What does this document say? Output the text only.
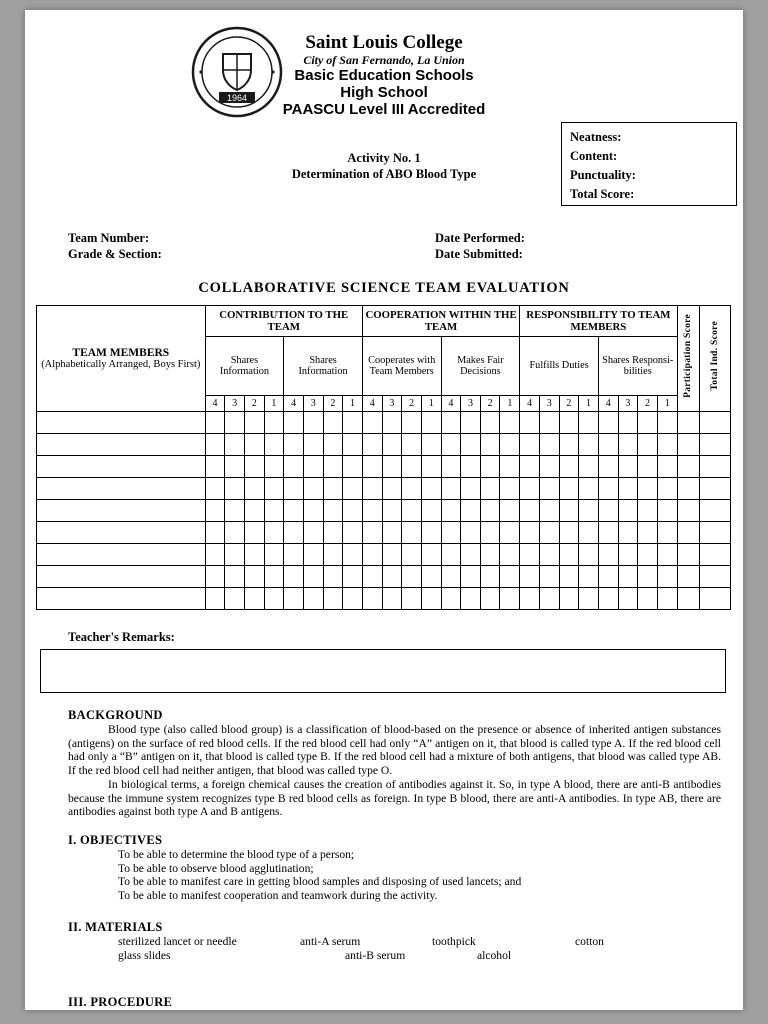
1964
Saint Louis College
City of San Fernando, La Union
Basic Education Schools
High School
PAASCU Level III Accredited
Activity No. 1
Determination of ABO Blood Type
Neatness:
Content:
Punctuality:
Total Score:
Team Number:
Grade & Section:
Date Performed:
Date Submitted:
COLLABORATIVE SCIENCE TEAM EVALUATION
TEAM MEMBERS
(Alphabetically Arranged, Boys First)	CONTRIBUTION TO THE TEAM								COOPERATION WITHIN THE TEAM								RESPONSIBILITY TO TEAM MEMBERS								Participation Score	Total Ind. Score
	Shares Information				Shares Information				Cooperates with Team Members				Makes Fair Decisions				Fulfills Duties				Shares Responsi-bilities					
	4	3	2	1	4	3	2	1	4	3	2	1	4	3	2	1	4	3	2	1	4	3	2	1		

Teacher's Remarks:
BACKGROUND

Blood type (also called blood group) is a classification of blood-based on the presence or absence of inherited antigen substances (antigens) on the surface of red blood cells. If the red blood cell had only “A” antigen on it, that blood is called type A. If the red blood cell had only a “B” antigen on it, that blood is called type B. If the red blood cell had a mixture of both antigens, that blood was called type AB. If the red blood cell had neither antigen, that blood was called type O.

In biological terms, a foreign chemical causes the creation of antibodies against it. So, in type A blood, there are anti-B antibodies because the immune system recognizes type B red blood cells as foreign. In type B blood, there are anti-A antibodies. In type AB, there are antibodies against both type A and B antigens.

I. OBJECTIVES
To be able to determine the blood type of a person;
To be able to observe blood agglutination;
To be able to manifest care in getting blood samples and disposing of used lancets; and
To be able to manifest cooperation and teamwork during the activity.
II. MATERIALS
sterilized lancet or needle	anti-A serum	toothpick	cotton
glass slides	anti-B serum	alcohol
III. PROCEDURE
